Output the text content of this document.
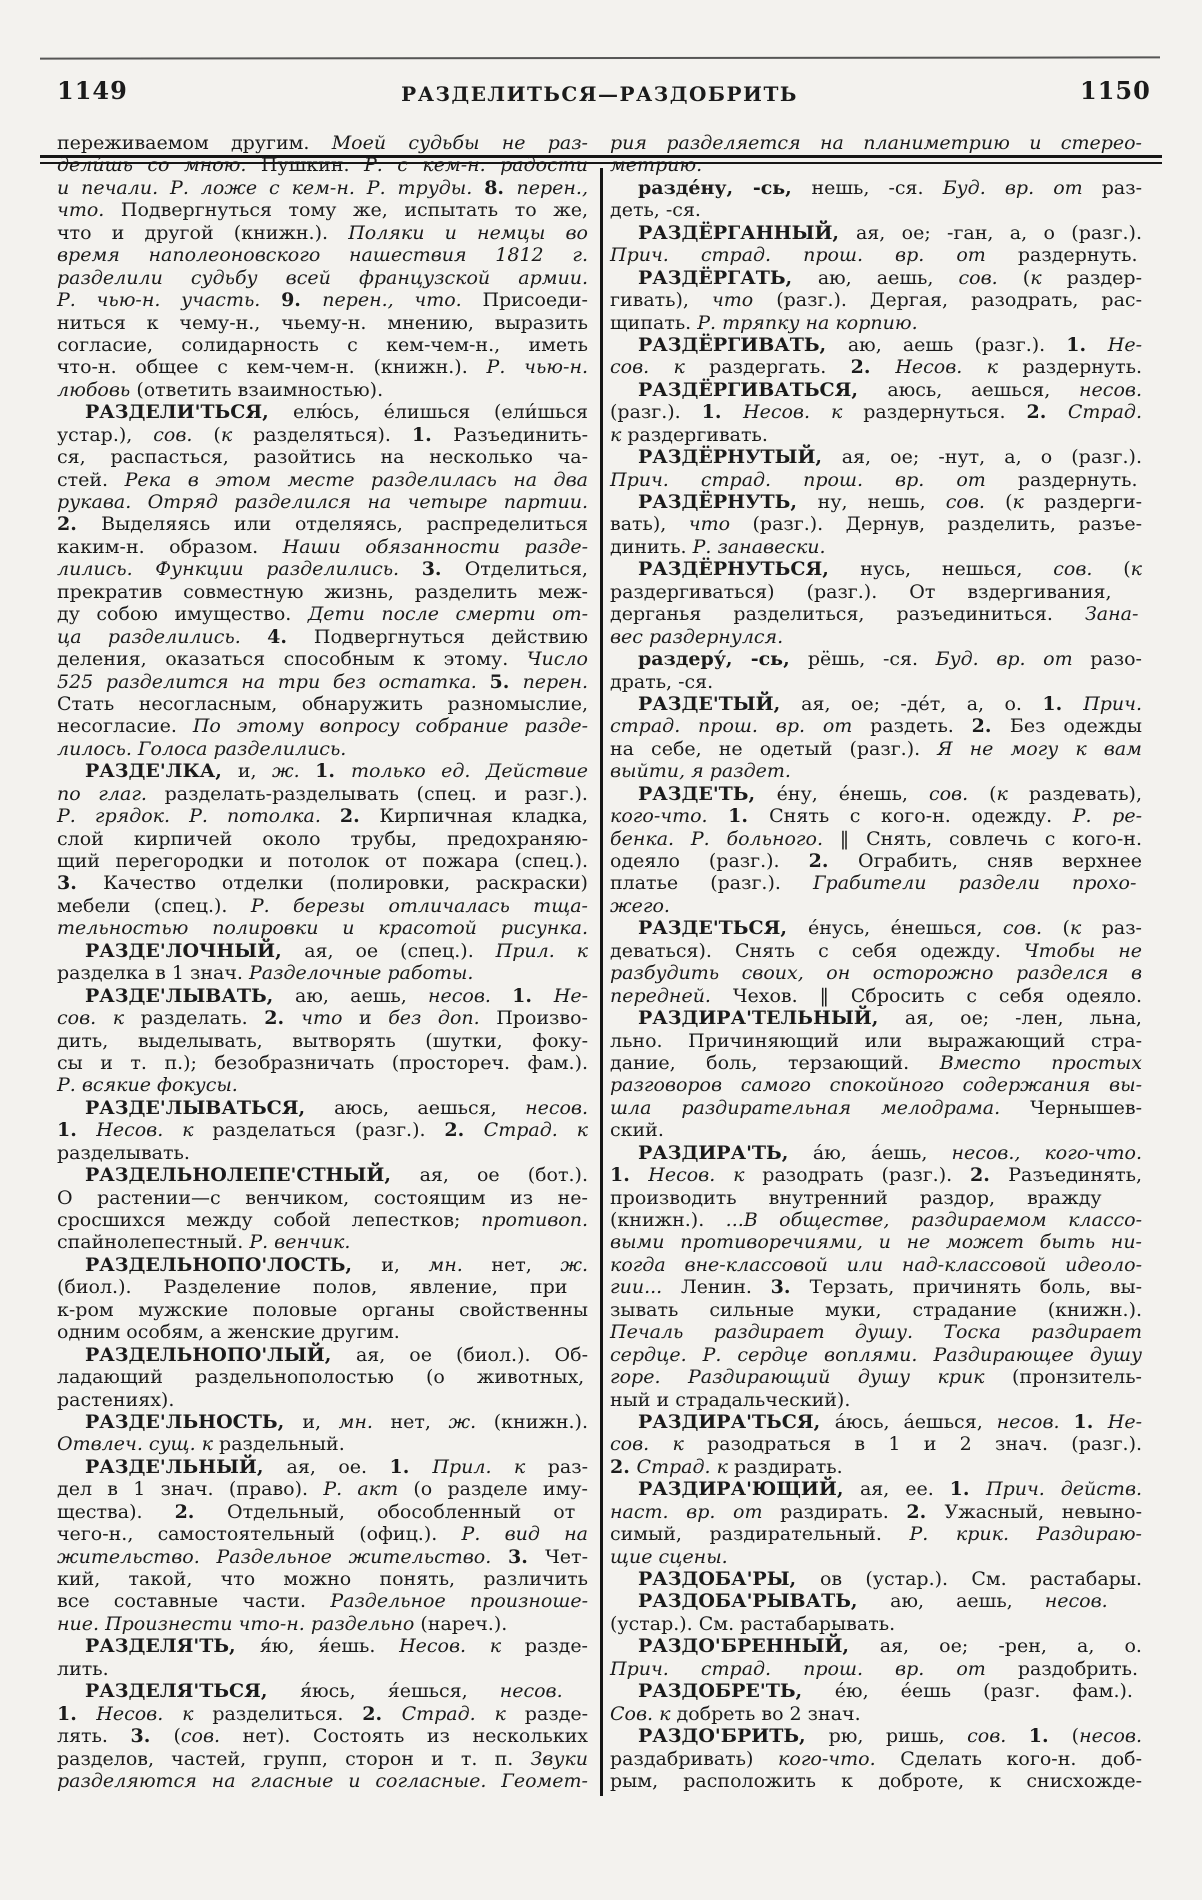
1149	РАЗДЕЛИТЬСЯ—РАЗДОБРИТЬ	1150
переживаемом другим. Моей судьбы не раз-
дели́шь со мною. Пушкин. Р. с кем-н. радости
и печали. Р. ложе с кем-н. Р. труды. 8. перен.,
что. Подвергнуться тому же, испытать то же,
что и другой (книжн.). Поляки и немцы во
время наполеоновского нашествия 1812 г.
разделили судьбу всей французской армии.
Р. чью-н. участь. 9. перен., что. Присоеди-
ниться к чему-н., чьему-н. мнению, выразить
согласие, солидарность с кем-чем-н., иметь
что-н. общее с кем-чем-н. (книжн.). Р. чью-н.
любовь (ответить взаимностью).
РАЗДЕЛИ'ТЬСЯ, елю́сь, е́лишься (ели́шься
устар.), сов. (к разделяться). 1. Разъединить-
ся, распасться, разойтись на несколько ча-
стей. Река в этом месте разделилась на два
рукава. Отряд разделился на четыре партии.
2. Выделяясь или отделяясь, распределиться
каким-н. образом. Наши обязанности разде-
лились. Функции разделились. 3. Отделиться,
прекратив совместную жизнь, разделить меж-
ду собою имущество. Дети после смерти от-
ца разделились. 4. Подвергнуться действию
деления, оказаться способным к этому. Число
525 разделится на три без остатка. 5. перен.
Стать несогласным, обнаружить разномыслие,
несогласие. По этому вопросу собрание разде-
лилось. Голоса разделились.
РАЗДЕ'ЛКА, и, ж. 1. только ед. Действие
по глаг. разделать-разделывать (спец. и разг.).
Р. грядок. Р. потолка. 2. Кирпичная кладка,
слой кирпичей около трубы, предохраняю-
щий перегородки и потолок от пожара (спец.).
3. Качество отделки (полировки, раскраски)
мебели (спец.). Р. березы отличалась тща-
тельностью полировки и красотой рисунка.
РАЗДЕ'ЛОЧНЫЙ, ая, ое (спец.). Прил. к
разделка в 1 знач. Разделочные работы.
РАЗДЕ'ЛЫВАТЬ, аю, аешь, несов. 1. Не-
сов. к разделать. 2. что и без доп. Произво-
дить, выделывать, вытворять (шутки, фоку-
сы и т. п.); безобразничать (простореч. фам.).
Р. всякие фокусы.
РАЗДЕ'ЛЫВАТЬСЯ, аюсь, аешься, несов.
1. Несов. к разделаться (разг.). 2. Страд. к
разделывать.
РАЗДЕЛЬНОЛЕПЕ'СТНЫЙ, ая, ое (бот.).
О растении—с венчиком, состоящим из не-
сросшихся между собой лепестков; противоп.
спайнолепестный. Р. венчик.
РАЗДЕЛЬНОПО'ЛОСТЬ, и, мн. нет, ж.
(биол.). Разделение полов, явление, при
к-ром мужские половые органы свойственны
одним особям, а женские другим.
РАЗДЕЛЬНОПО'ЛЫЙ, ая, ое (биол.). Об-
ладающий раздельнополостью (о животных,
растениях).
РАЗДЕ'ЛЬНОСТЬ, и, мн. нет, ж. (книжн.).
Отвлеч. сущ. к раздельный.
РАЗДЕ'ЛЬНЫЙ, ая, ое. 1. Прил. к раз-
дел в 1 знач. (право). Р. акт (о разделе иму-
щества). 2. Отдельный, обособленный от
чего-н., самостоятельный (офиц.). Р. вид на
жительство. Раздельное жительство. 3. Чет-
кий, такой, что можно понять, различить
все составные части. Раздельное произноше-
ние. Произнести что-н. раздельно (нареч.).
РАЗДЕЛЯ'ТЬ, я́ю, я́ешь. Несов. к разде-
лить.
РАЗДЕЛЯ'ТЬСЯ, я́юсь, я́ешься, несов.
1. Несов. к разделиться. 2. Страд. к разде-
лять. 3. (сов. нет). Состоять из нескольких
разделов, частей, групп, сторон и т. п. Звуки
разделяются на гласные и согласные. Геомет-
рия разделяется на планиметрию и стерео-
метрию.
разде́ну, -сь, нешь, -ся. Буд. вр. от раз-
деть, -ся.
РАЗДЁРГАННЫЙ, ая, ое; -ган, а, о (разг.).
Прич. страд. прош. вр. от раздернуть.
РАЗДЁРГАТЬ, аю, аешь, сов. (к раздер-
гивать), что (разг.). Дергая, разодрать, рас-
щипать. Р. тряпку на корпию.
РАЗДЁРГИВАТЬ, аю, аешь (разг.). 1. Не-
сов. к раздергать. 2. Несов. к раздернуть.
РАЗДЁРГИВАТЬСЯ, аюсь, аешься, несов.
(разг.). 1. Несов. к раздернуться. 2. Страд.
к раздергивать.
РАЗДЁРНУТЫЙ, ая, ое; -нут, а, о (разг.).
Прич. страд. прош. вр. от раздернуть.
РАЗДЁРНУТЬ, ну, нешь, сов. (к раздерги-
вать), что (разг.). Дернув, разделить, разъе-
динить. Р. занавески.
РАЗДЁРНУТЬСЯ, нусь, нешься, сов. (к
раздергиваться) (разг.). От вздергивания,
дерганья разделиться, разъединиться. Зана-
вес раздернулся.
раздеру́, -сь, рёшь, -ся. Буд. вр. от разо-
драть, -ся.
РАЗДЕ'ТЫЙ, ая, ое; -де́т, а, о. 1. Прич.
страд. прош. вр. от раздеть. 2. Без одежды
на себе, не одетый (разг.). Я не могу к вам
выйти, я раздет.
РАЗДЕ'ТЬ, е́ну, е́нешь, сов. (к раздевать),
кого-что. 1. Снять с кого-н. одежду. Р. ре-
бенка. Р. больного. ‖ Снять, совлечь с кого-н.
одеяло (разг.). 2. Ограбить, сняв верхнее
платье (разг.). Грабители раздели прохо-
жего.
РАЗДЕ'ТЬСЯ, е́нусь, е́нешься, сов. (к раз-
деваться). Снять с себя одежду. Чтобы не
разбудить своих, он осторожно разделся в
передней. Чехов. ‖ Сбросить с себя одеяло.
РАЗДИРА'ТЕЛЬНЫЙ, ая, ое; -лен, льна,
льно. Причиняющий или выражающий стра-
дание, боль, терзающий. Вместо простых
разговоров самого спокойного содержания вы-
шла раздирательная мелодрама. Чернышев-
ский.
РАЗДИРА'ТЬ, а́ю, а́ешь, несов., кого-что.
1. Несов. к разодрать (разг.). 2. Разъединять,
производить внутренний раздор, вражду
(книжн.). ...В обществе, раздираемом классо-
выми противоречиями, и не может быть ни-
когда вне-классовой или над-классовой идеоло-
гии... Ленин. 3. Терзать, причинять боль, вы-
зывать сильные муки, страдание (книжн.).
Печаль раздирает душу. Тоска раздирает
сердце. Р. сердце воплями. Раздирающее душу
горе. Раздирающий душу крик (пронзитель-
ный и страдальческий).
РАЗДИРА'ТЬСЯ, а́юсь, а́ешься, несов. 1. Не-
сов. к разодраться в 1 и 2 знач. (разг.).
2. Страд. к раздирать.
РАЗДИРА'ЮЩИЙ, ая, ее. 1. Прич. действ.
наст. вр. от раздирать. 2. Ужасный, невыно-
симый, раздирательный. Р. крик. Раздираю-
щие сцены.
РАЗДОБА'РЫ, ов (устар.). См. растабары.
РАЗДОБА'РЫВАТЬ, аю, аешь, несов.
(устар.). См. растабарывать.
РАЗДО'БРЕННЫЙ, ая, ое; -рен, а, о.
Прич. страд. прош. вр. от раздобрить.
РАЗДОБРЕ'ТЬ, е́ю, е́ешь (разг. фам.).
Сов. к добреть во 2 знач.
РАЗДО'БРИТЬ, рю, ришь, сов. 1. (несов.
раздабривать) кого-что. Сделать кого-н. доб-
рым, расположить к доброте, к снисхожде-
